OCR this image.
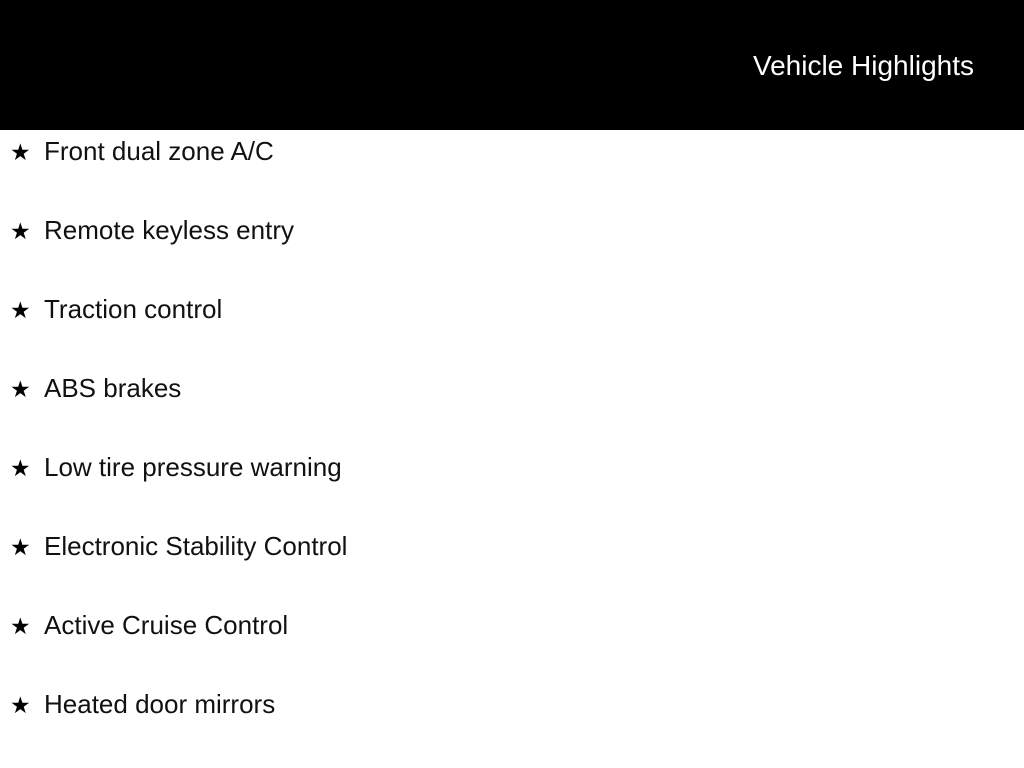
Vehicle Highlights
★ Front dual zone A/C
★ Remote keyless entry
★ Traction control
★ ABS brakes
★ Low tire pressure warning
★ Electronic Stability Control
★ Active Cruise Control
★ Heated door mirrors
